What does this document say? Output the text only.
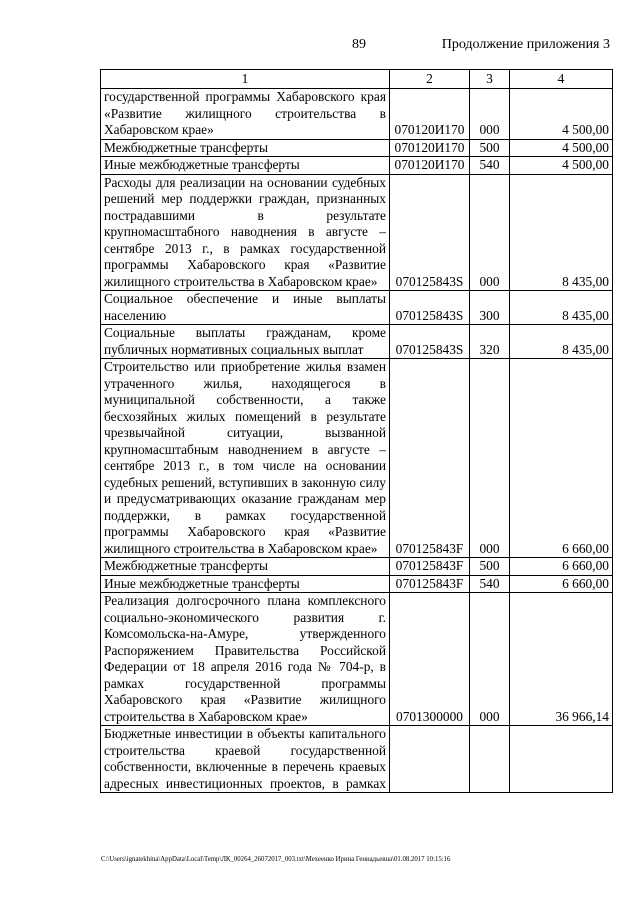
89	Продолжение приложения 3
1	2	3	4
государственной программы Хабаровского края «Развитие жилищного строительства в Хабаровском крае»	070120И170	000	4 500,00
Межбюджетные трансферты	070120И170	500	4 500,00
Иные межбюджетные трансферты	070120И170	540	4 500,00
Расходы для реализации на основании судебных решений мер поддержки граждан, признанных пострадавшими в результате крупномасштабного наводнения в августе – сентябре 2013 г., в рамках государственной программы Хабаровского края «Развитие жилищного строительства в Хабаровском крае»	070125843S	000	8 435,00
Социальное обеспечение и иные выплаты населению	070125843S	300	8 435,00
Социальные выплаты гражданам, кроме публичных нормативных социальных выплат	070125843S	320	8 435,00
Строительство или приобретение жилья взамен утраченного жилья, находящегося в муниципальной собственности, а также бесхозяйных жилых помещений в результате чрезвычайной ситуации, вызванной крупномасштабным наводнением в августе – сентябре 2013 г., в том числе на основании судебных решений, вступивших в законную силу и предусматривающих оказание гражданам мер поддержки, в рамках государственной программы Хабаровского края «Развитие жилищного строительства в Хабаровском крае»	070125843F	000	6 660,00
Межбюджетные трансферты	070125843F	500	6 660,00
Иные межбюджетные трансферты	070125843F	540	6 660,00
Реализация долгосрочного плана комплексного социально-экономического развития г. Комсомольска-на-Амуре, утвержденного Распоряжением Правительства Российской Федерации от 18 апреля 2016 года № 704-р, в рамках государственной программы Хабаровского края «Развитие жилищного строительства в Хабаровском крае»	0701300000	000	36 966,14
Бюджетные инвестиции в объекты капитального строительства краевой государственной собственности, включенные в перечень краевых адресных инвестиционных проектов, в рамках			
C:\Users\ignatekhina\AppData\Local\Temp\ЛК_00264_26072017_003.txt\Мехеенко Ирина Геннадьевна\01.08.2017 10:15:16
